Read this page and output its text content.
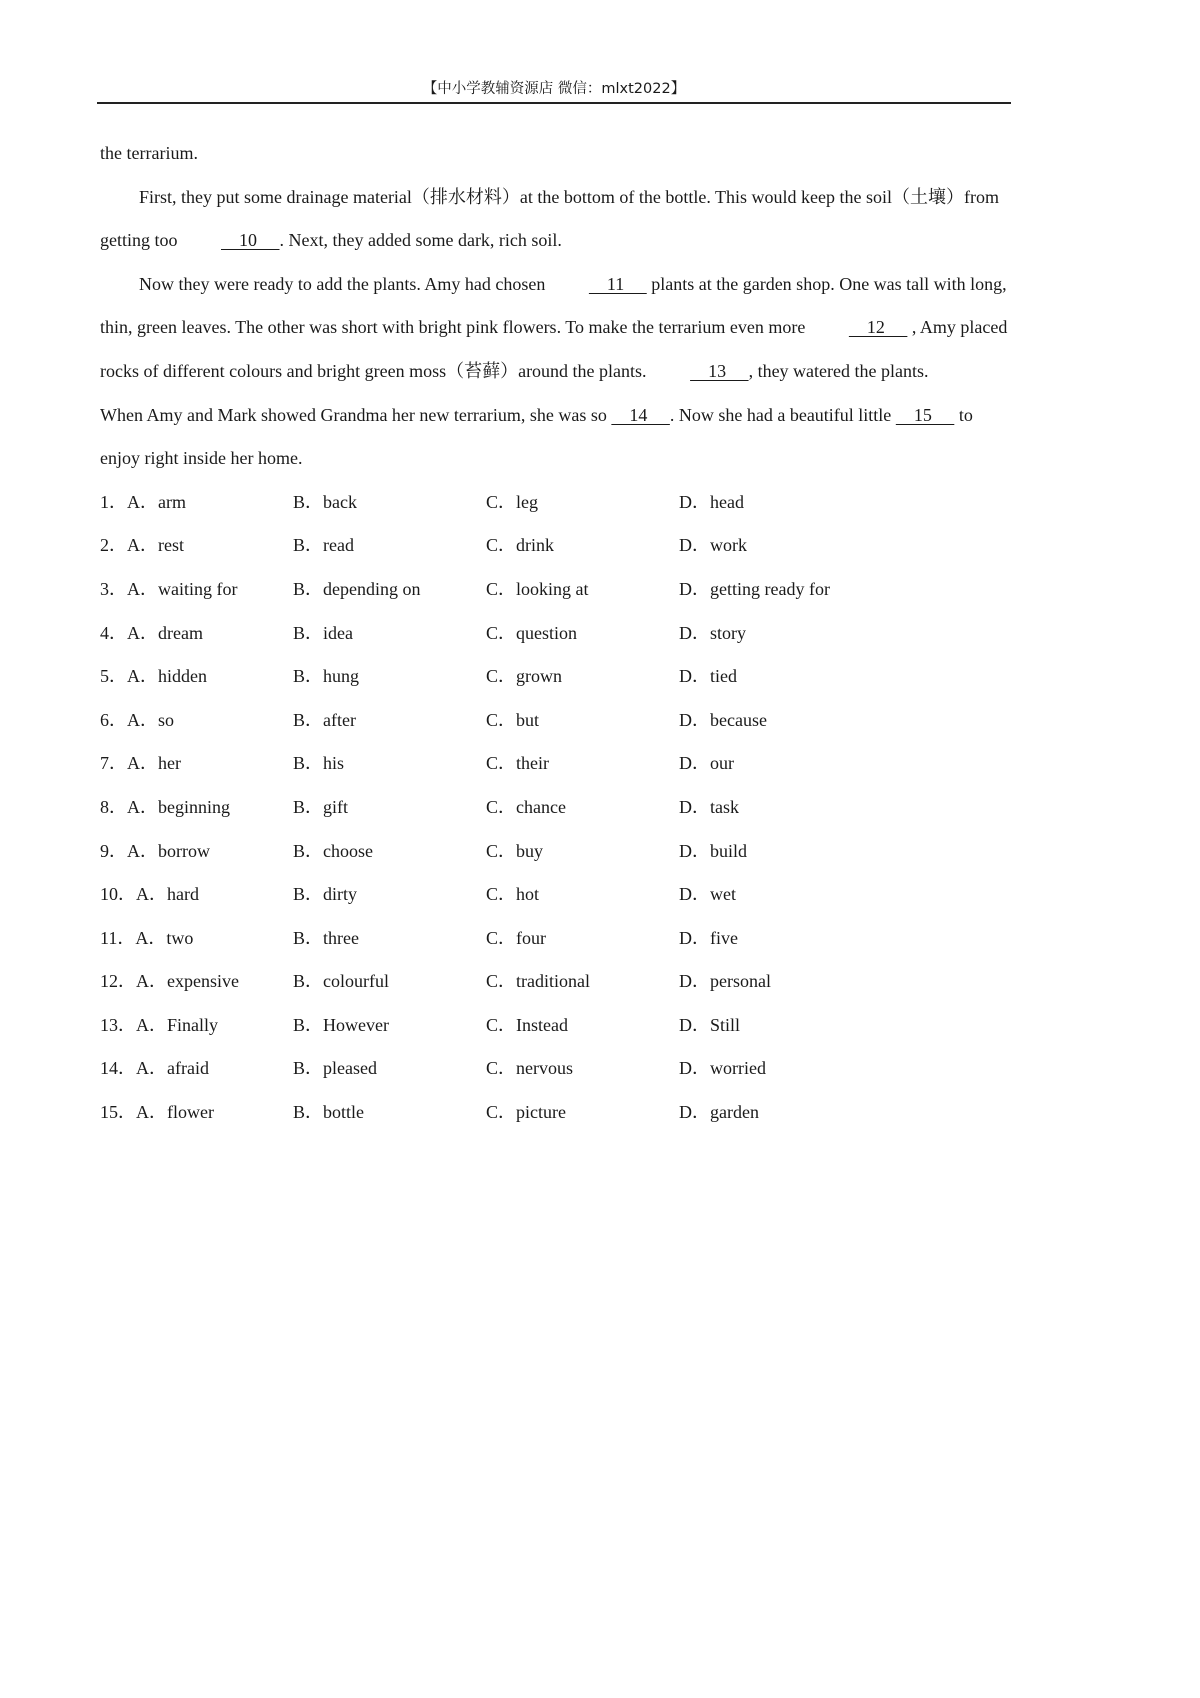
【中小学教辅资源店 微信：mlxt2022】

the terrarium.

First, they put some drainage material（排水材料）at the bottom of the bottle. This would keep the soil（土壤）from getting too     10     . Next, they added some dark, rich soil.

Now they were ready to add the plants. Amy had chosen     11      plants at the garden shop. One was tall with long, thin, green leaves. The other was short with bright pink flowers. To make the terrarium even more     12      , Amy placed rocks of different colours and bright green moss（苔藓）around the plants.     13     , they watered the plants.

When Amy and Mark showed Grandma her new terrarium, she was so     14     . Now she had a beautiful little     15      to enjoy right inside her home.

1．A．arm	B．back	C．leg	D．head
2．A．rest	B．read	C．drink	D．work
3．A．waiting for	B．depending on	C．looking at	D．getting ready for
4．A．dream	B．idea	C．question	D．story
5．A．hidden	B．hung	C．grown	D．tied
6．A．so	B．after	C．but	D．because
7．A．her	B．his	C．their	D．our
8．A．beginning	B．gift	C．chance	D．task
9．A．borrow	B．choose	C．buy	D．build
10．A．hard	B．dirty	C．hot	D．wet
11．A．two	B．three	C．four	D．five
12．A．expensive	B．colourful	C．traditional	D．personal
13．A．Finally	B．However	C．Instead	D．Still
14．A．afraid	B．pleased	C．nervous	D．worried
15．A．flower	B．bottle	C．picture	D．garden
